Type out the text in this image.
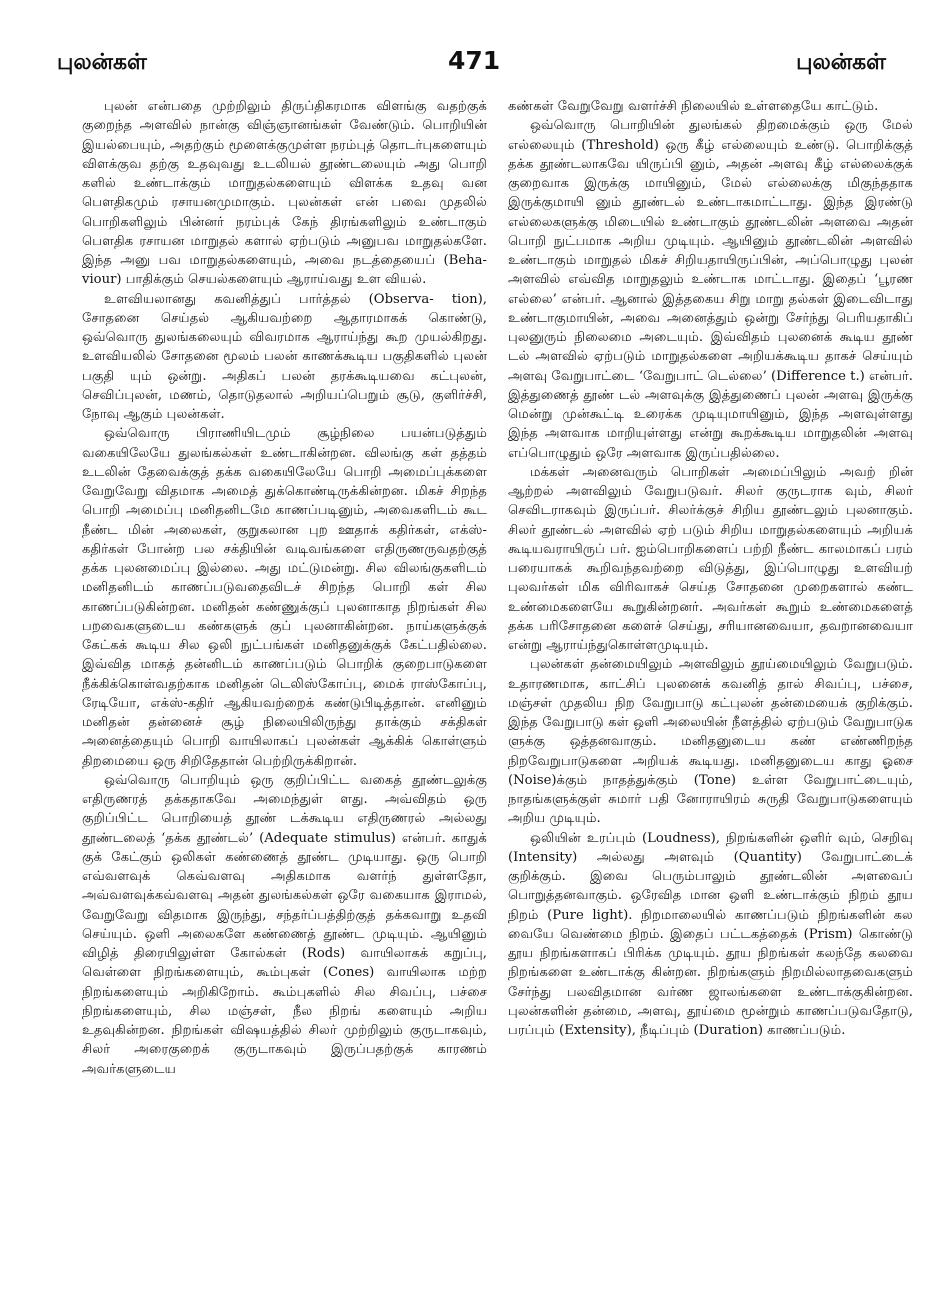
புலன்கள்	471	புலன்கள்

புலன் என்பதை முற்றிலும் திருப்திகரமாக விளங்கு வதற்குக் குறைந்த அளவில் நான்கு விஞ்ஞானங்கள் வேண்டும். பொறியின் இயல்பையும், அதற்கும் மூளைக்குமுள்ள நரம்புத் தொடர்புகளையும் விளக்குவ தற்கு உதவுவது உடலியல் தூண்டலையும் அது பொறி களில் உண்டாக்கும் மாறுதல்களையும் விளக்க உதவு வன பௌதிகமும் ரசாயனமுமாகும். புலன்கள் என் பவை முதலில் பொறிகளிலும் பின்னர் நரம்புக் கேந் திரங்களிலும் உண்டாகும் பௌதிக ரசாயன மாறுதல் களால் ஏற்படும் அனுபவ மாறுதல்களே. இந்த அனு பவ மாறுதல்களையும், அவை நடத்தையைப் (Beha- viour) பாதிக்கும் செயல்களையும் ஆராய்வது உள வியல்.

உளவியலானது கவனித்துப் பார்த்தல் (Observa- tion), சோதனை செய்தல் ஆகியவற்றை ஆதாரமாகக் கொண்டு, ஒவ்வொரு துலங்கலையும் விவரமாக ஆராய்ந்து கூற முயல்கிறது. உளவியலில் சோதனை மூலம் பலன் காணக்கூடிய பகுதிகளில் புலன் பகுதி யும் ஒன்று. அதிகப் பலன் தரக்கூடியவை கட்புலன், செவிப்புலன், மணம், தொடுதலால் அறியப்பெறும் சூடு, குளிர்ச்சி, நோவு ஆகும் புலன்கள்.

ஒவ்வொரு பிராணியிடமும் சூழ்நிலை பயன்படுத்தும் வகையிலேயே துலங்கல்கள் உண்டாகின்றன. விலங்கு கள் தத்தம் உடலின் தேவைக்குத் தக்க வகையிலேயே பொறி அமைப்புக்களை வேறுவேறு விதமாக அமைத் துக்கொண்டிருக்கின்றன. மிகச் சிறந்த பொறி அமைப்பு மனிதனிடமே காணப்படினும், அவைகளிடம் கூட நீண்ட மின் அலைகள், குறுகலான புற ஊதாக் கதிர்கள், எக்ஸ்-கதிர்கள் போன்ற பல சக்தியின் வடிவங்களை எதிருணருவதற்குத் தக்க புலனமைப்பு இல்லை. அது மட்டுமன்று. சில விலங்குகளிடம் மனிதனிடம் காணப்படுவதைவிடச் சிறந்த பொறி கள் சில காணப்படுகின்றன. மனிதன் கண்ணுக்குப் புலனாகாத நிறங்கள் சில பறவைகளுடைய கண்களுக் குப் புலனாகின்றன. நாய்களுக்குக் கேட்கக் கூடிய சில ஒலி நுட்பங்கள் மனிதனுக்குக் கேட்பதில்லை. இவ்வித மாகத் தன்னிடம் காணப்படும் பொறிக் குறைபாடுகளை நீக்கிக்கொள்வதற்காக மனிதன் டெலிஸ்கோப்பு, மைக் ராஸ்கோப்பு, ரேடியோ, எக்ஸ்-கதிர் ஆகியவற்றைக் கண்டுபிடித்தான். எனினும் மனிதன் தன்னைச் சூழ் நிலையிலிருந்து தாக்கும் சக்திகள் அனைத்தையும் பொறி வாயிலாகப் புலன்கள் ஆக்கிக் கொள்ளும் திறமையை ஒரு சிறிதேதான் பெற்றிருக்கிறான்.

ஒவ்வொரு பொறியும் ஒரு குறிப்பிட்ட வகைத் தூண்டலுக்கு எதிருணரத் தக்கதாகவே அமைந்துள் ளது. அவ்விதம் ஒரு குறிப்பிட்ட பொறியைத் தூண் டக்கூடிய எதிருணரல் அல்லது தூண்டலைத் ‘தக்க தூண்டல்’ (Adequate stimulus) என்பர். காதுக் குக் கேட்கும் ஒலிகள் கண்ணைத் தூண்ட முடியாது. ஒரு பொறி எவ்வளவுக் கெவ்வளவு அதிகமாக வளர்ந் துள்ளதோ, அவ்வளவுக்கவ்வளவு அதன் துலங்கல்கள் ஒரே வகையாக இராமல், வேறுவேறு விதமாக இருந்து, சந்தர்ப்பத்திற்குத் தக்கவாறு உதவி செய்யும். ஒளி அலைகளே கண்ணைத் தூண்ட முடியும். ஆயினும் விழித் திரையிலுள்ள கோல்கள் (Rods) வாயிலாகக் கறுப்பு, வெள்ளை நிறங்களையும், கூம்புகள் (Cones) வாயிலாக மற்ற நிறங்களையும் அறிகிறோம். கூம்புகளில் சில சிவப்பு, பச்சை நிறங்களையும், சில மஞ்சள், நீல நிறங் களையும் அறிய உதவுகின்றன. நிறங்கள் விஷயத்தில் சிலர் முற்றிலும் குருடாகவும், சிலர் அரைகுறைக் குருடாகவும் இருப்பதற்குக் காரணம் அவர்களுடைய

கண்கள் வேறுவேறு வளர்ச்சி நிலையில் உள்ளதையே காட்டும்.

ஒவ்வொரு பொறியின் துலங்கல் திறமைக்கும் ஒரு மேல் எல்லையும் (Threshold) ஒரு கீழ் எல்லையும் உண்டு. பொறிக்குத் தக்க தூண்டலாகவே யிருப்பி னும், அதன் அளவு கீழ் எல்லைக்குக் குறைவாக இருக்கு மாயினும், மேல் எல்லைக்கு மிகுந்ததாக இருக்குமாயி னும் தூண்டல் உண்டாகமாட்டாது. இந்த இரண்டு எல்லைகளுக்கு மிடையில் உண்டாகும் தூண்டலின் அளவை அதன் பொறி நுட்பமாக அறிய முடியும். ஆயினும் தூண்டலின் அளவில் உண்டாகும் மாறுதல் மிகச் சிறியதாயிருப்பின், அப்பொழுது புலன் அளவில் எவ்வித மாறுதலும் உண்டாக மாட்டாது. இதைப் ‘பூரண எல்லை’ என்பர். ஆனால் இத்தகைய சிறு மாறு தல்கள் இடைவிடாது உண்டாகுமாயின், அவை அனைத்தும் ஒன்று சேர்ந்து பெரியதாகிப் புலனுரும் நிலைமை அடையும். இவ்விதம் புலனைக் கூடிய தூண் டல் அளவில் ஏற்படும் மாறுதல்களை அறியக்கூடிய தாகச் செய்யும் அளவு வேறுபாட்டை ‘வேறுபாட் டெல்லை’ (Difference t.) என்பர். இத்துணைத் தூண் டல் அளவுக்கு இத்துணைப் புலன் அளவு இருக்கு மென்று முன்கூட்டி உரைக்க முடியுமாயினும், இந்த அளவுள்ளது இந்த அளவாக மாறியுள்ளது என்று கூறக்கூடிய மாறுதலின் அளவு எப்பொழுதும் ஒரே அளவாக இருப்பதில்லை.

மக்கள் அனைவரும் பொறிகள் அமைப்பிலும் அவற் றின் ஆற்றல் அளவிலும் வேறுபடுவர். சிலர் குருடராக வும், சிலர் செவிடராகவும் இருப்பர். சிலர்க்குச் சிறிய தூண்டலும் புலனாகும். சிலர் தூண்டல் அளவில் ஏற் படும் சிறிய மாறுதல்களையும் அறியக் கூடியவராயிருப் பர். ஐம்பொறிகளைப் பற்றி நீண்ட காலமாகப் பரம் பரையாகக் கூறிவந்தவற்றை விடுத்து, இப்பொழுது உளவியற் புலவர்கள் மிக விரிவாகச் செய்த சோதனை முறைகளால் கண்ட உண்மைகளையே கூறுகின்றனர். அவர்கள் கூறும் உண்மைகளைத் தக்க பரிசோதனை களைச் செய்து, சரியானவையா, தவறானவையா என்று ஆராய்ந்துகொள்ளமுடியும்.

புலன்கள் தன்மையிலும் அளவிலும் தூய்மையிலும் வேறுபடும். உதாரணமாக, காட்சிப் புலனைக் கவனித் தால் சிவப்பு, பச்சை, மஞ்சள் முதலிய நிற வேறுபாடு கட்புலன் தன்மையைக் குறிக்கும். இந்த வேறுபாடு கள் ஒளி அலையின் நீளத்தில் ஏற்படும் வேறுபாடுக ளுக்கு ஒத்தனவாகும். மனிதனுடைய கண் எண்ணிறந்த நிறவேறுபாடுகளை அறியக் கூடியது. மனிதனுடைய காது ஓசை (Noise)க்கும் நாதத்துக்கும் (Tone) உள்ள வேறுபாட்டையும், நாதங்களுக்குள் சுமார் பதி னோராயிரம் சுருதி வேறுபாடுகளையும் அறிய முடியும்.

ஒலியின் உரப்பும் (Loudness), நிறங்களின் ஒளிர் வும், செறிவு (Intensity) அல்லது அளவும் (Quantity) வேறுபாட்டைக் குறிக்கும். இவை பெரும்பாலும் தூண்டலின் அளவைப் பொறுத்தனவாகும். ஒரேவித மான ஒளி உண்டாக்கும் நிறம் தூய நிறம் (Pure light). நிறமாலையில் காணப்படும் நிறங்களின் கல வையே வெண்மை நிறம். இதைப் பட்டகத்தைக் (Prism) கொண்டு தூய நிறங்களாகப் பிரிக்க முடியும். தூய நிறங்கள் கலந்தே கலவை நிறங்களை உண்டாக்கு கின்றன. நிறங்களும் நிறமில்லாதவைகளும் சேர்ந்து பலவிதமான வர்ண ஜாலங்களை உண்டாக்குகின்றன. புலன்களின் தன்மை, அளவு, தூய்மை மூன்றும் காணப்படுவதோடு, பரப்பும் (Extensity), நீடிப்பும் (Duration) காணப்படும்.
